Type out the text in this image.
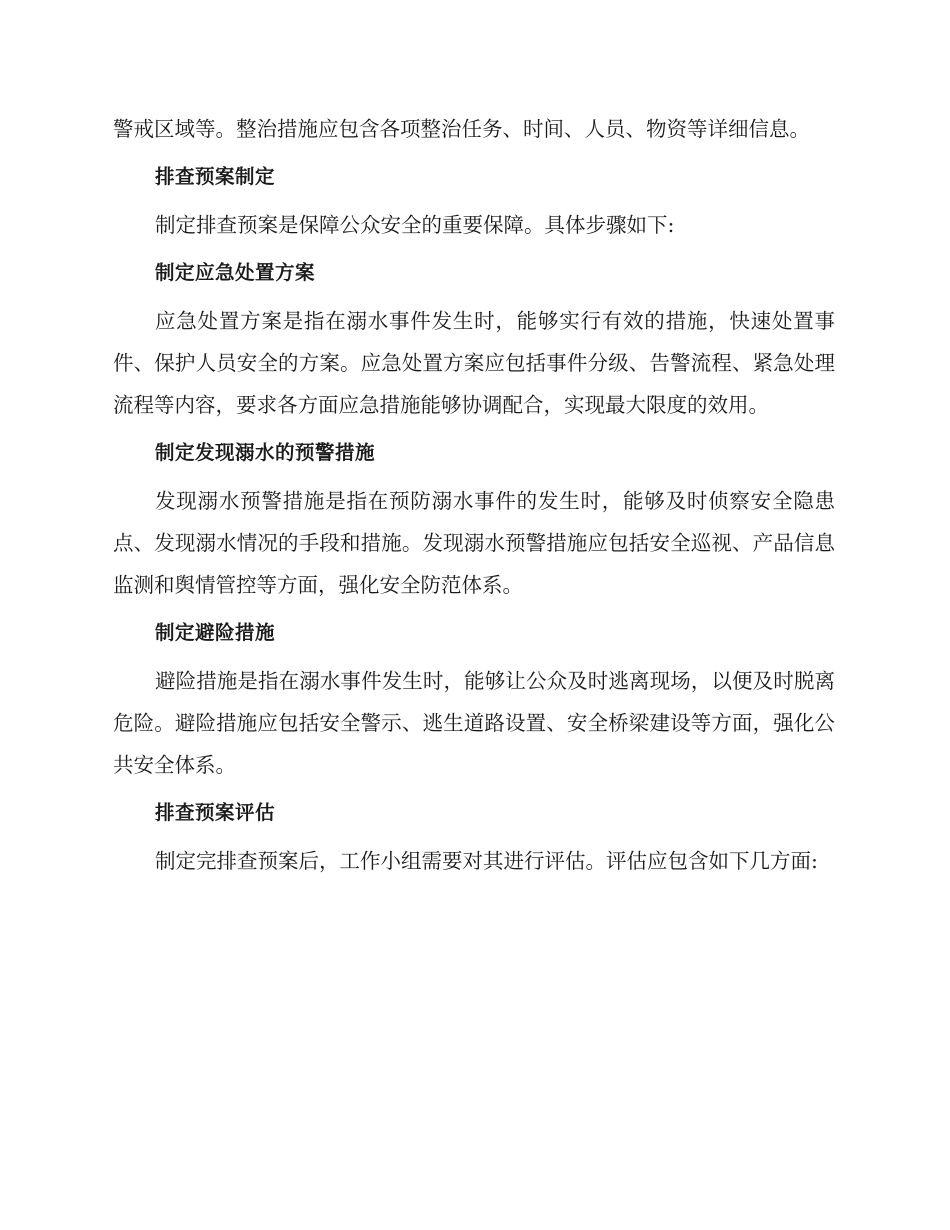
警戒区域等。整治措施应包含各项整治任务、时间、人员、物资等详细信息。

排查预案制定

制定排查预案是保障公众安全的重要保障。具体步骤如下:

制定应急处置方案

应急处置方案是指在溺水事件发生时，能够实行有效的措施，快速处置事件、保护人员安全的方案。应急处置方案应包括事件分级、告警流程、紧急处理流程等内容，要求各方面应急措施能够协调配合，实现最大限度的效用。

制定发现溺水的预警措施

发现溺水预警措施是指在预防溺水事件的发生时，能够及时侦察安全隐患点、发现溺水情况的手段和措施。发现溺水预警措施应包括安全巡视、产品信息监测和舆情管控等方面，强化安全防范体系。

制定避险措施

避险措施是指在溺水事件发生时，能够让公众及时逃离现场，以便及时脱离危险。避险措施应包括安全警示、逃生道路设置、安全桥梁建设等方面，强化公共安全体系。

排查预案评估

制定完排查预案后，工作小组需要对其进行评估。评估应包含如下几方面:
